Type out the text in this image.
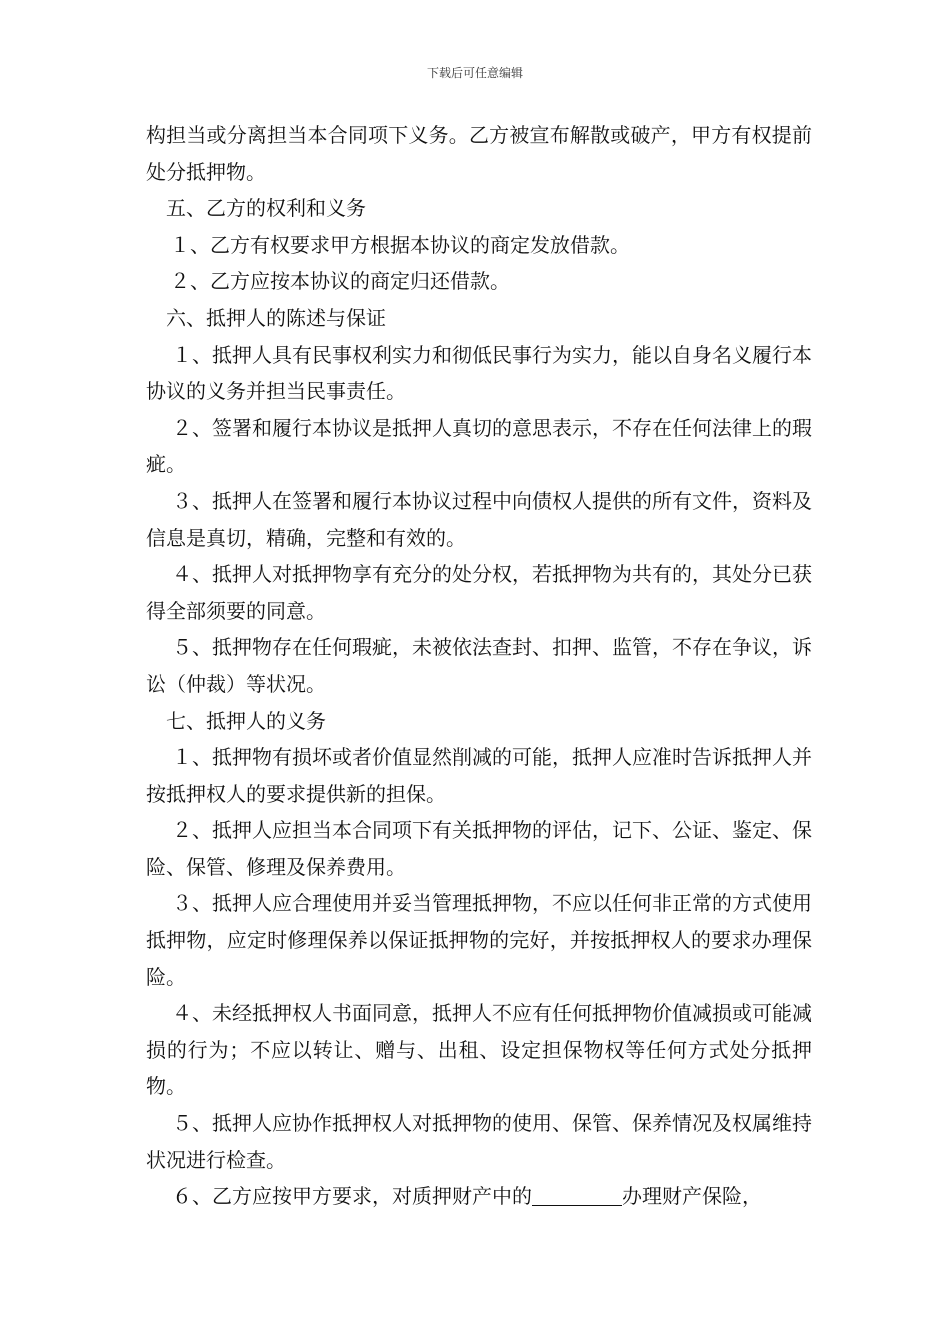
下载后可任意编辑

构担当或分离担当本合同项下义务。乙方被宣布解散或破产，甲方有权提前处分抵押物。

五、乙方的权利和义务

１、乙方有权要求甲方根据本协议的商定发放借款。

２、乙方应按本协议的商定归还借款。

六、抵押人的陈述与保证

１、抵押人具有民事权利实力和彻低民事行为实力，能以自身名义履行本协议的义务并担当民事责任。

２、签署和履行本协议是抵押人真切的意思表示，不存在任何法律上的瑕疵。

３、抵押人在签署和履行本协议过程中向债权人提供的所有文件，资料及信息是真切，精确，完整和有效的。

４、抵押人对抵押物享有充分的处分权，若抵押物为共有的，其处分已获得全部须要的同意。

５、抵押物存在任何瑕疵，未被依法查封、扣押、监管，不存在争议，诉讼（仲裁）等状况。

七、抵押人的义务

１、抵押物有损坏或者价值显然削减的可能，抵押人应准时告诉抵押人并按抵押权人的要求提供新的担保。

２、抵押人应担当本合同项下有关抵押物的评估，记下、公证、鉴定、保险、保管、修理及保养费用。

３、抵押人应合理使用并妥当管理抵押物，不应以任何非正常的方式使用抵押物，应定时修理保养以保证抵押物的完好，并按抵押权人的要求办理保险。

４、未经抵押权人书面同意，抵押人不应有任何抵押物价值减损或可能减损的行为；不应以转让、赠与、出租、设定担保物权等任何方式处分抵押物。

５、抵押人应协作抵押权人对抵押物的使用、保管、保养情况及权属维持状况进行检查。

６、乙方应按甲方要求，对质押财产中的	办理财产保险，
